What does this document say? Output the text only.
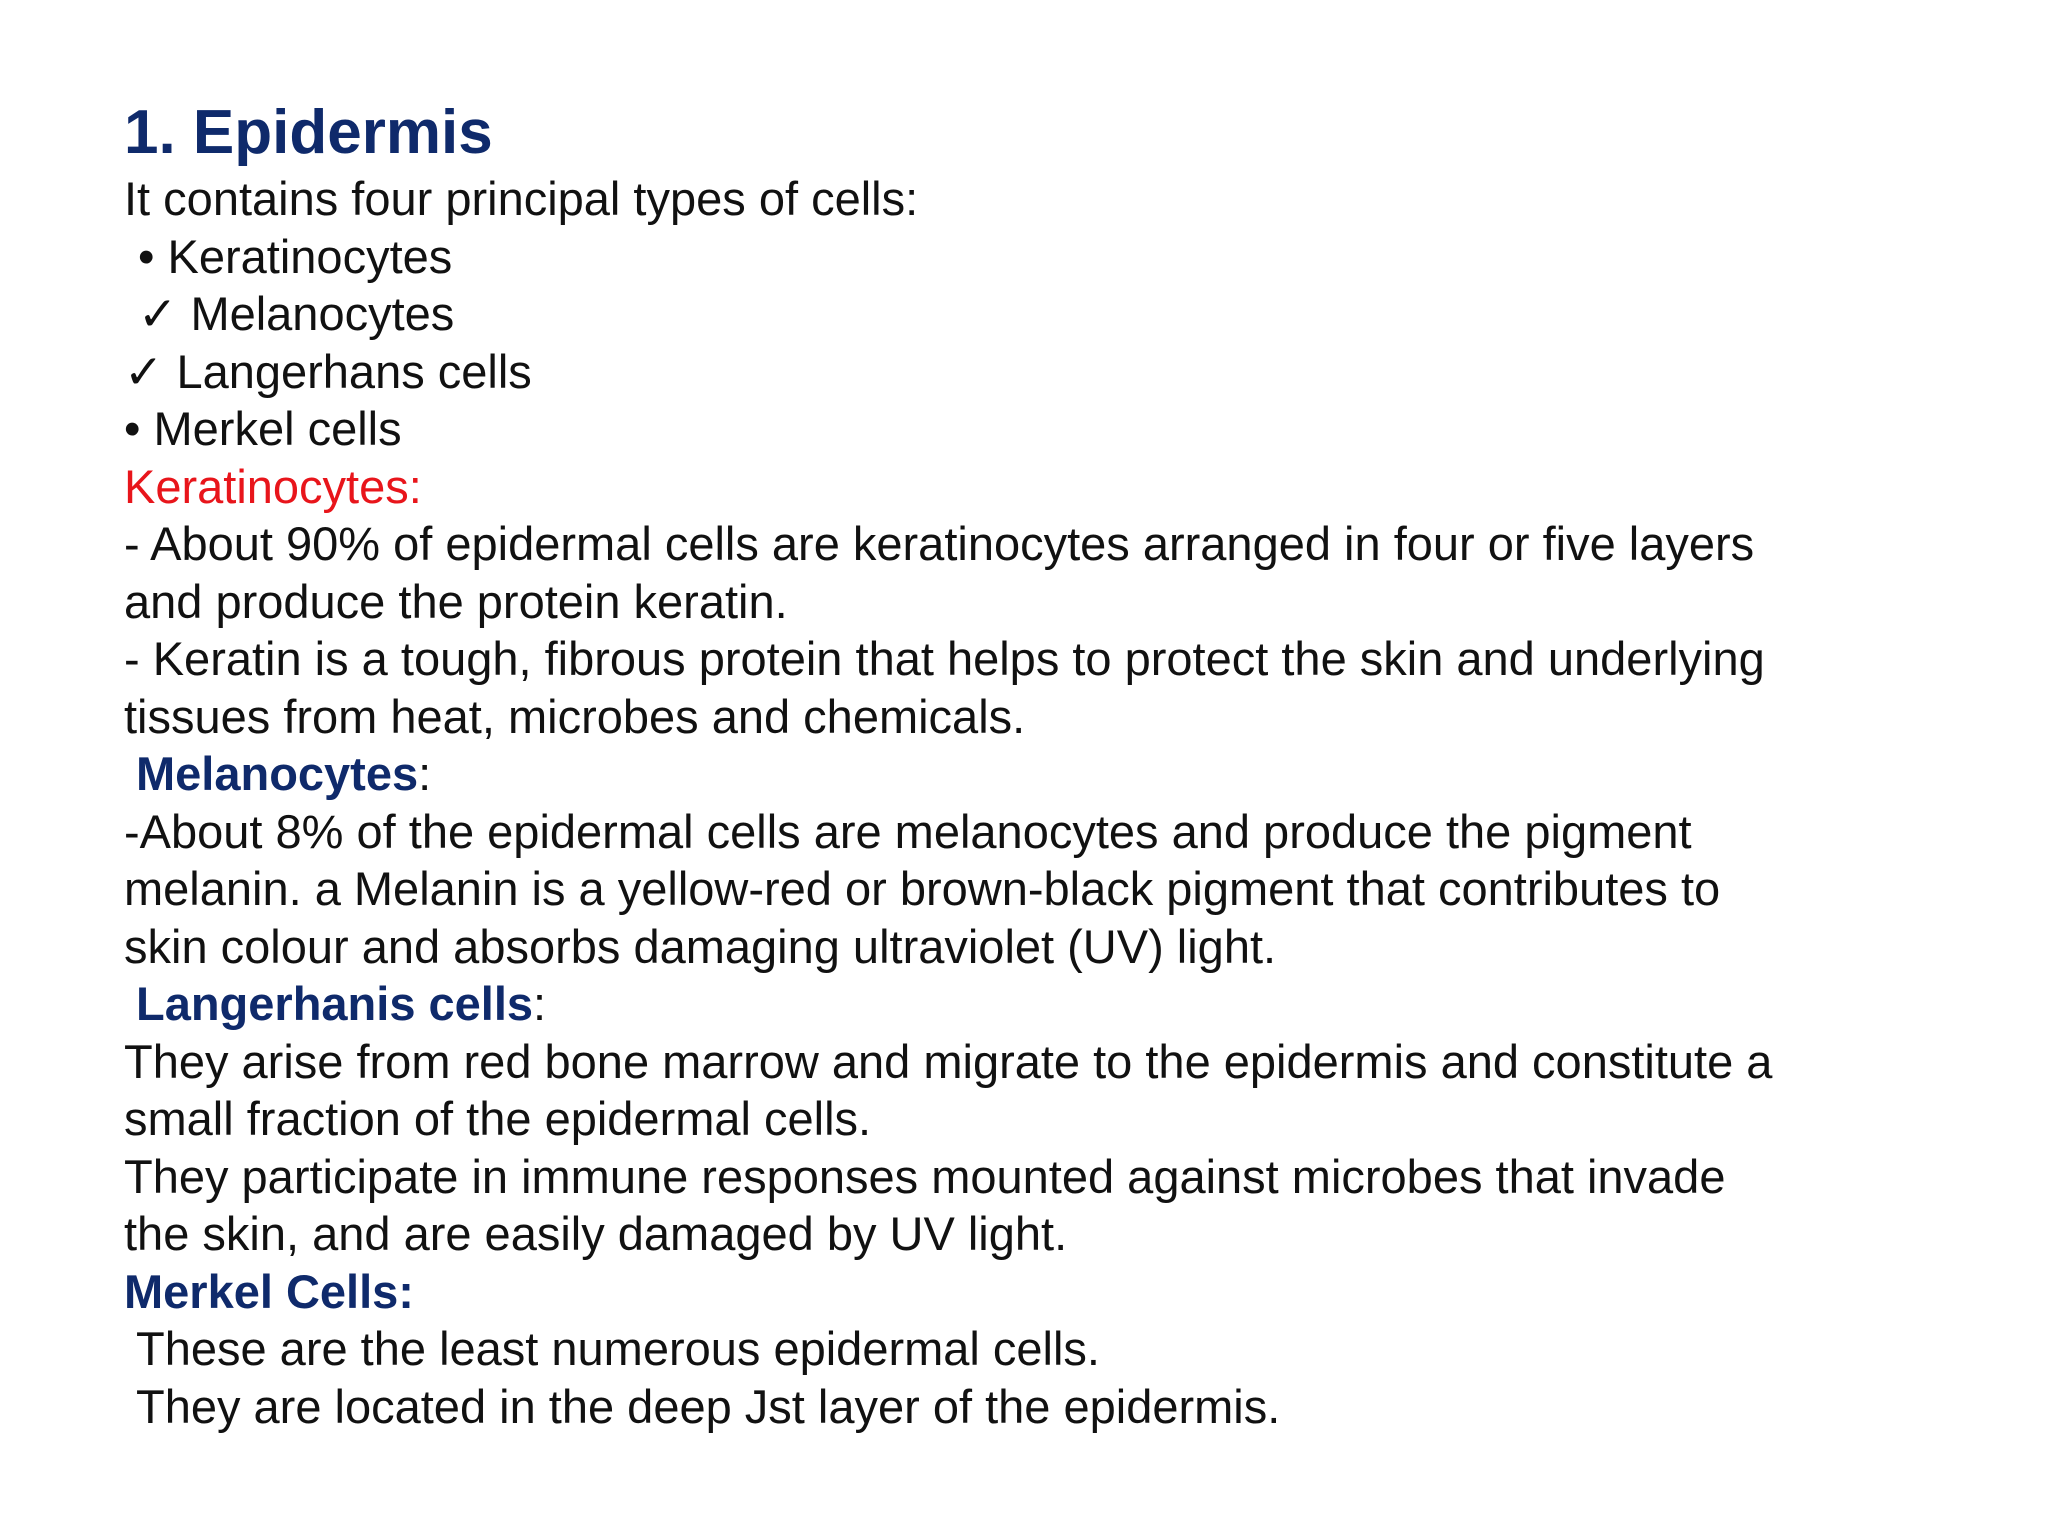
1. Epidermis
It contains four principal types of cells:
• Keratinocytes
✓ Melanocytes
✓ Langerhans cells
• Merkel cells
Keratinocytes:
- About 90% of epidermal cells are keratinocytes arranged in four or five layers
and produce the protein keratin.
- Keratin is a tough, fibrous protein that helps to protect the skin and underlying
tissues from heat, microbes and chemicals.
Melanocytes:
-About 8% of the epidermal cells are melanocytes and produce the pigment
melanin. a Melanin is a yellow-red or brown-black pigment that contributes to
skin colour and absorbs damaging ultraviolet (UV) light.
Langerhanis cells:
They arise from red bone marrow and migrate to the epidermis and constitute a
small fraction of the epidermal cells.
They participate in immune responses mounted against microbes that invade
the skin, and are easily damaged by UV light.
Merkel Cells:
These are the least numerous epidermal cells.
They are located in the deep Jst layer of the epidermis.
